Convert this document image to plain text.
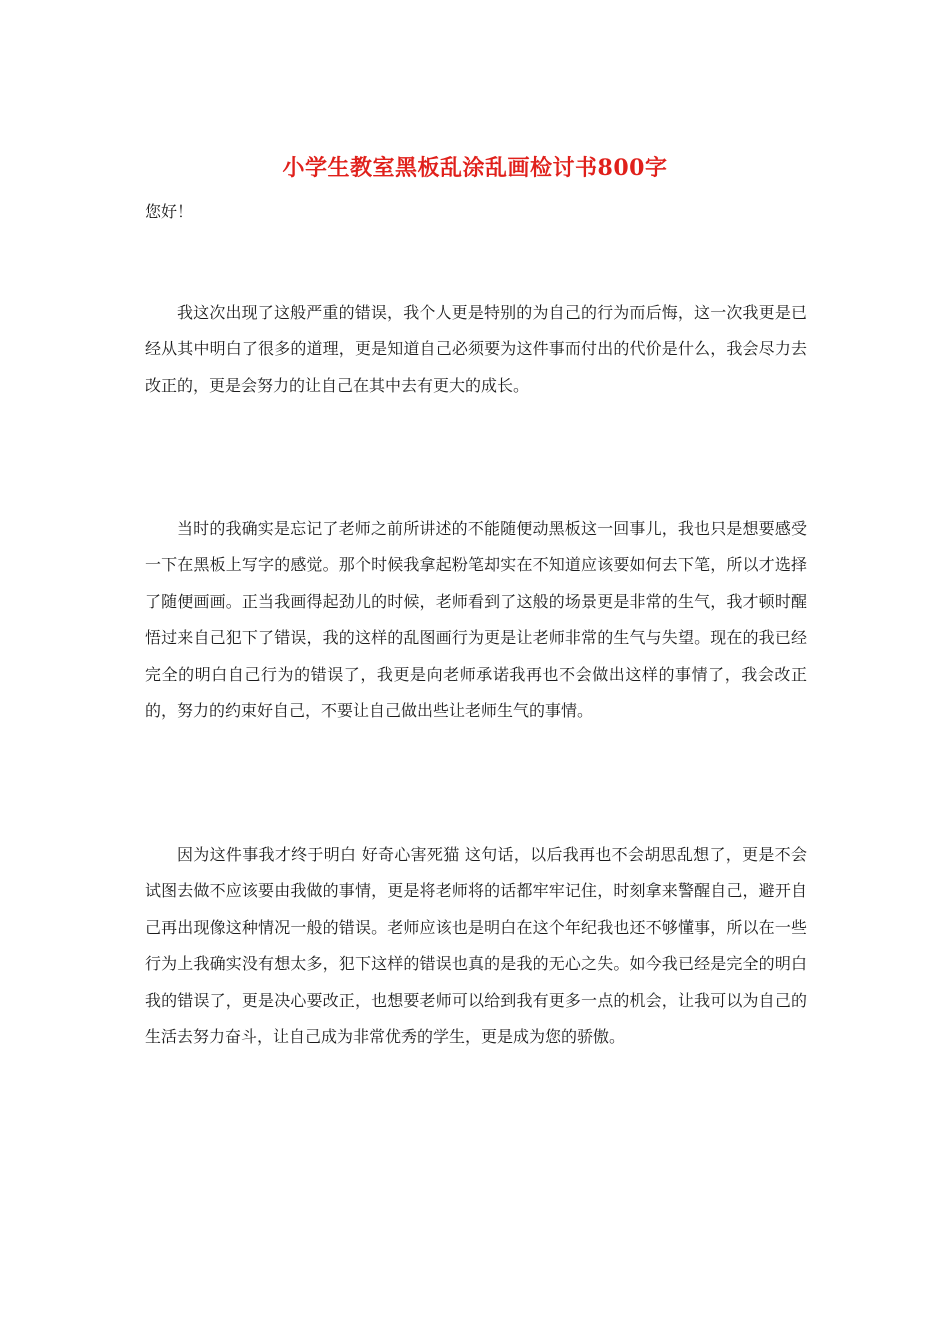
小学生教室黑板乱涂乱画检讨书800字
您好！

我这次出现了这般严重的错误，我个人更是特别的为自己的行为而后悔，这一次我更是已经从其中明白了很多的道理，更是知道自己必须要为这件事而付出的代价是什么，我会尽力去改正的，更是会努力的让自己在其中去有更大的成长。

当时的我确实是忘记了老师之前所讲述的不能随便动黑板这一回事儿，我也只是想要感受一下在黑板上写字的感觉。那个时候我拿起粉笔却实在不知道应该要如何去下笔，所以才选择了随便画画。正当我画得起劲儿的时候，老师看到了这般的场景更是非常的生气，我才顿时醒悟过来自己犯下了错误，我的这样的乱图画行为更是让老师非常的生气与失望。现在的我已经完全的明白自己行为的错误了，我更是向老师承诺我再也不会做出这样的事情了，我会改正的，努力的约束好自己，不要让自己做出些让老师生气的事情。

因为这件事我才终于明白 好奇心害死猫 这句话，以后我再也不会胡思乱想了，更是不会试图去做不应该要由我做的事情，更是将老师将的话都牢牢记住，时刻拿来警醒自己，避开自己再出现像这种情况一般的错误。老师应该也是明白在这个年纪我也还不够懂事，所以在一些行为上我确实没有想太多，犯下这样的错误也真的是我的无心之失。如今我已经是完全的明白我的错误了，更是决心要改正，也想要老师可以给到我有更多一点的机会，让我可以为自己的生活去努力奋斗，让自己成为非常优秀的学生，更是成为您的骄傲。
